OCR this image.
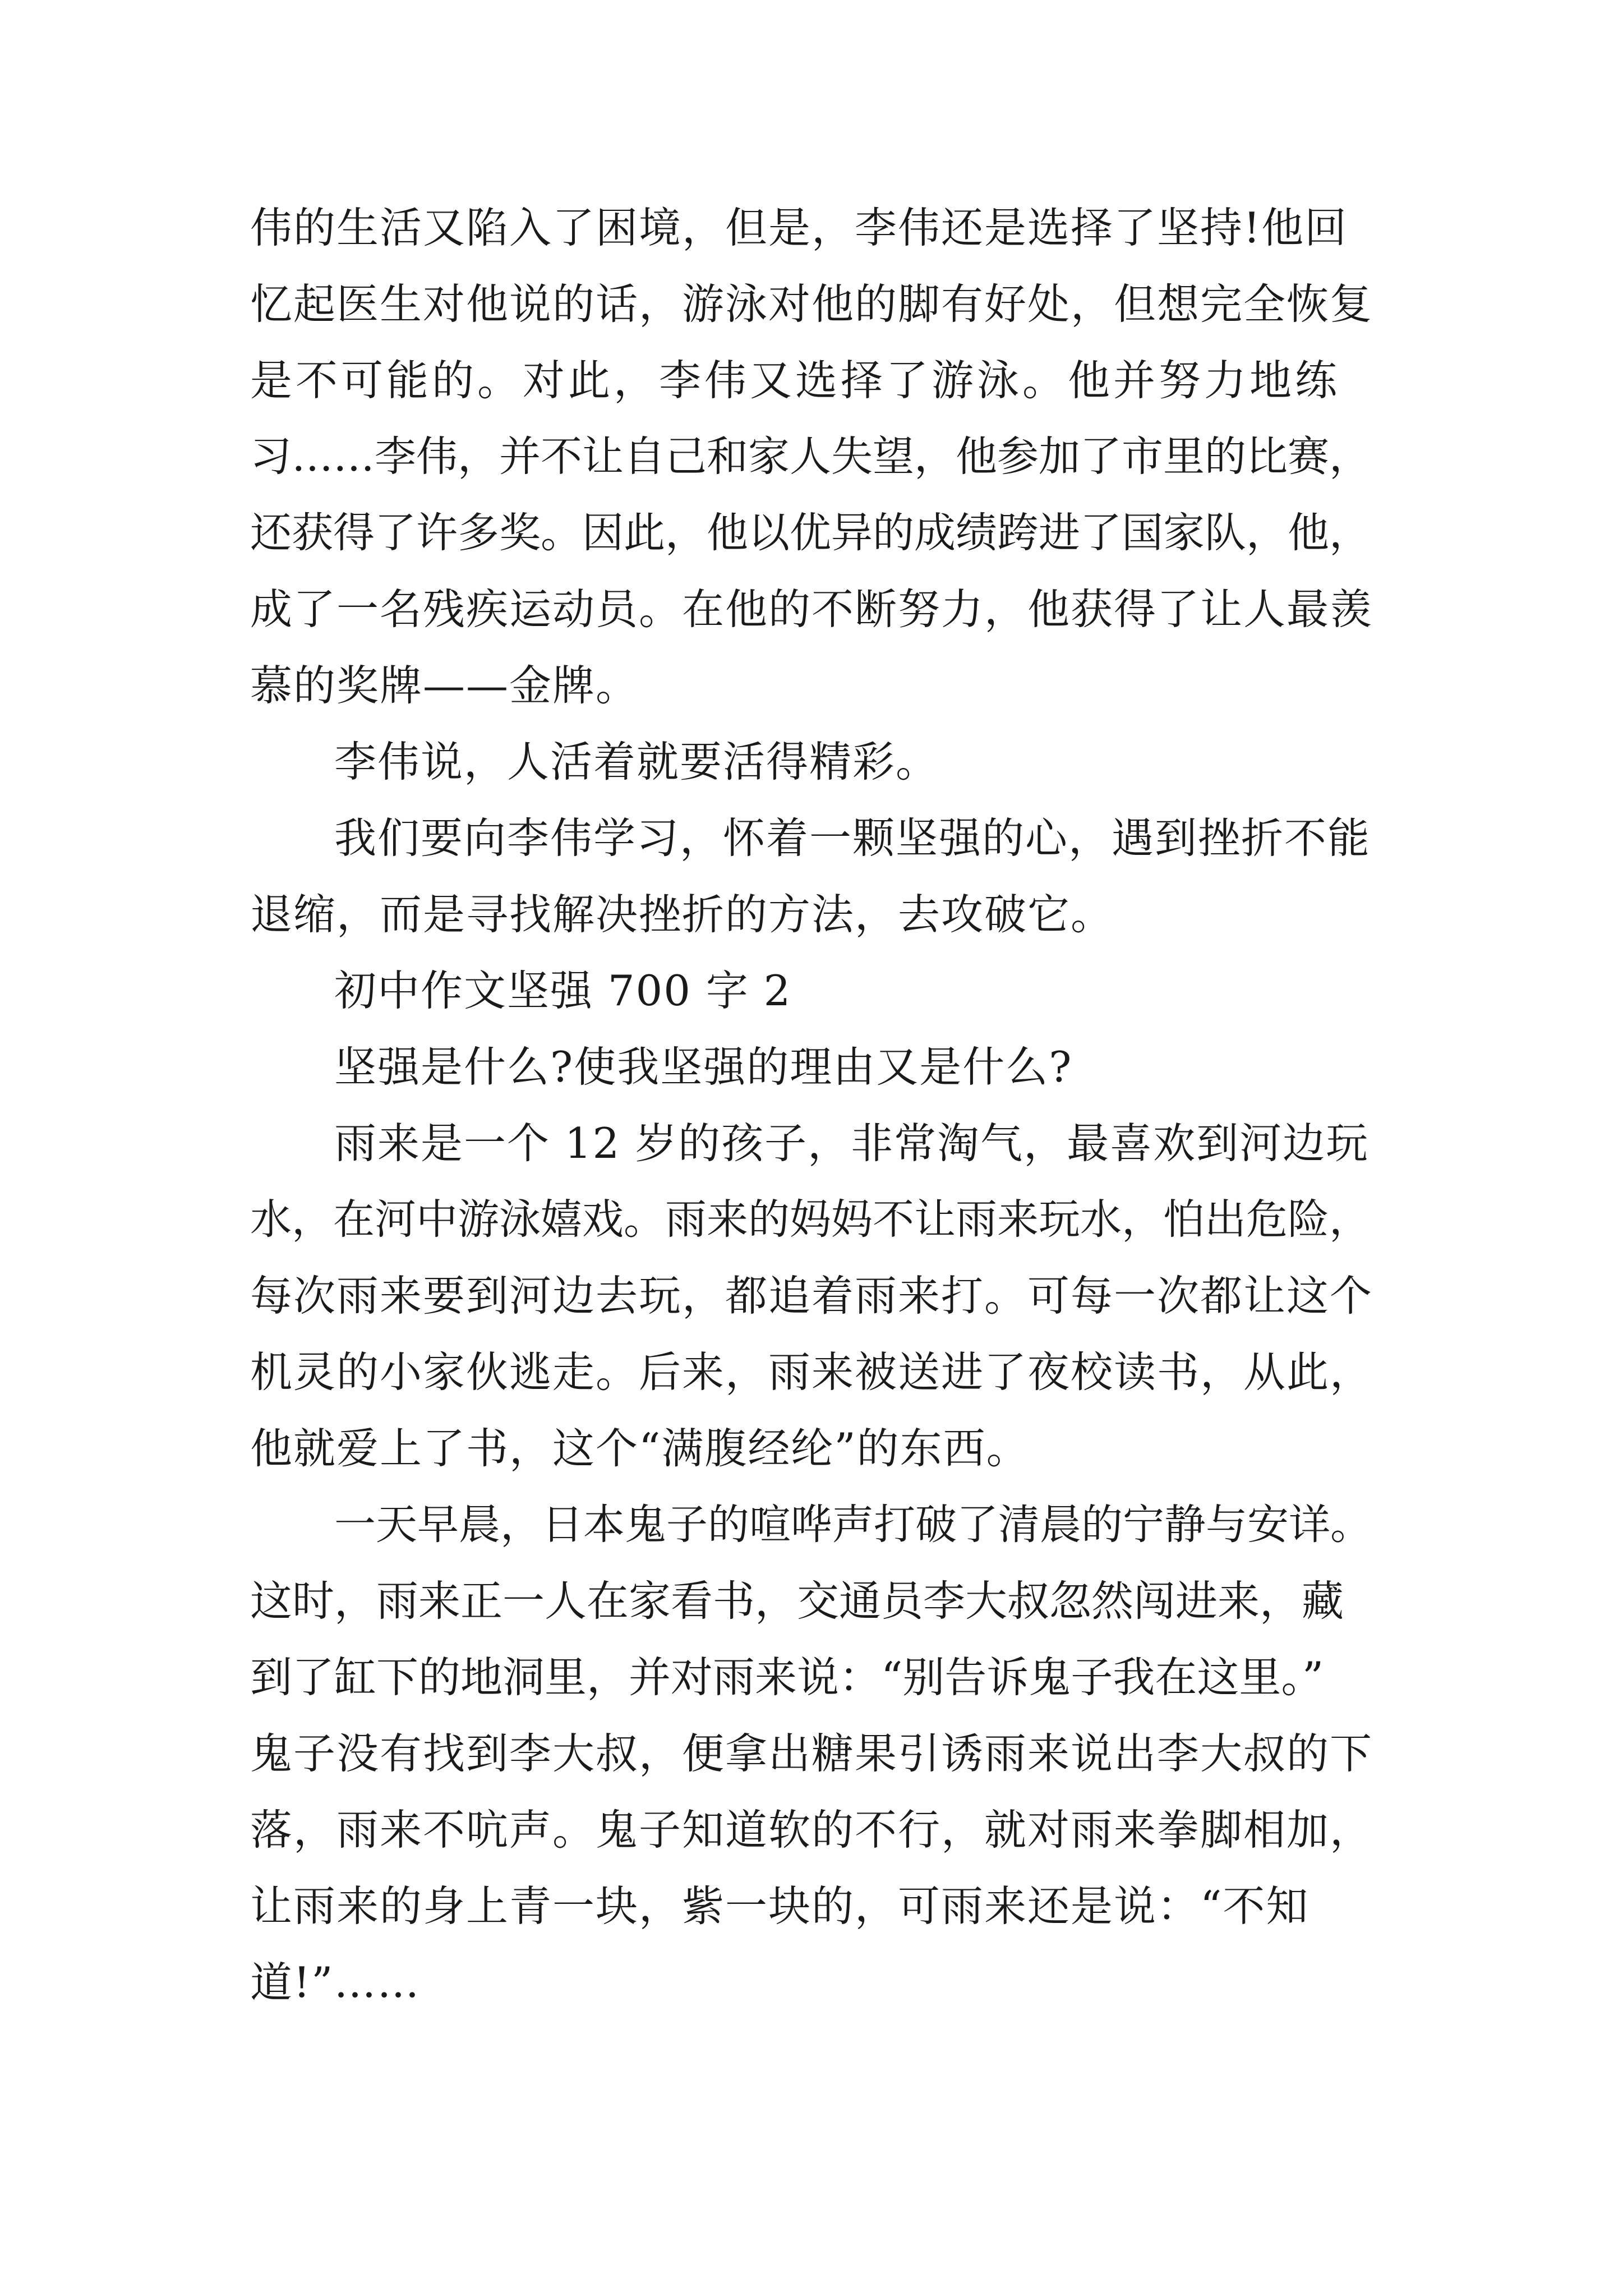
伟的生活又陷入了困境，但是，李伟还是选择了坚持!他回
忆起医生对他说的话，游泳对他的脚有好处，但想完全恢复
是不可能的。对此，李伟又选择了游泳。他并努力地练
习……李伟，并不让自己和家人失望，他参加了市里的比赛，
还获得了许多奖。因此，他以优异的成绩跨进了国家队，他，
成了一名残疾运动员。在他的不断努力，他获得了让人最羡
慕的奖牌——金牌。
李伟说，人活着就要活得精彩。
我们要向李伟学习，怀着一颗坚强的心，遇到挫折不能
退缩，而是寻找解决挫折的方法，去攻破它。
初中作文坚强 700 字 2
坚强是什么?使我坚强的理由又是什么?
雨来是一个 12 岁的孩子，非常淘气，最喜欢到河边玩
水，在河中游泳嬉戏。雨来的妈妈不让雨来玩水，怕出危险，
每次雨来要到河边去玩，都追着雨来打。可每一次都让这个
机灵的小家伙逃走。后来，雨来被送进了夜校读书，从此，
他就爱上了书，这个“满腹经纶”的东西。
一天早晨，日本鬼子的喧哗声打破了清晨的宁静与安详。
这时，雨来正一人在家看书，交通员李大叔忽然闯进来，藏
到了缸下的地洞里，并对雨来说：“别告诉鬼子我在这里。”
鬼子没有找到李大叔，便拿出糖果引诱雨来说出李大叔的下
落，雨来不吭声。鬼子知道软的不行，就对雨来拳脚相加，
让雨来的身上青一块，紫一块的，可雨来还是说：“不知
道!”……
